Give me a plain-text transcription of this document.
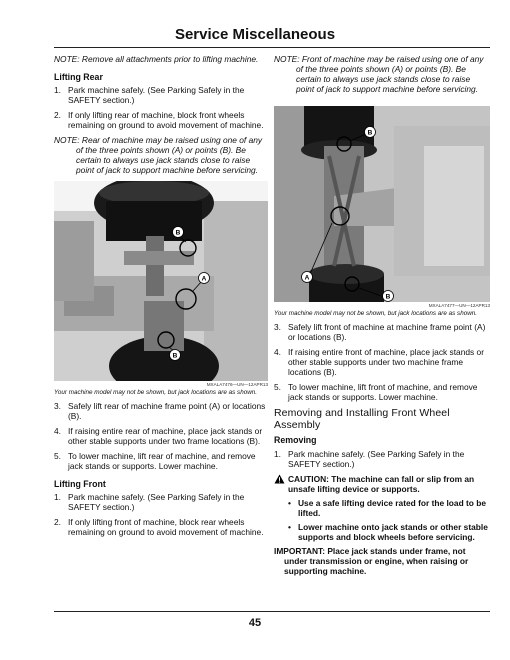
Service Miscellaneous

NOTE: Remove all attachments prior to lifting machine.

Lifting Rear

1. Park machine safely. (See Parking Safely in the SAFETY section.)
2. If only lifting rear of machine, block front wheels remaining on ground to avoid movement of machine.

NOTE: Rear of machine may be raised using one of any of the three points shown (A) or points (B). Be certain to always use jack stands close to raise point of jack to support machine before servicing.

B
A
B
MXALA7476—UN—12APR13

Your machine model may not be shown, but jack locations are as shown.

3. Safely lift rear of machine frame point (A) or locations (B).
4. If raising entire rear of machine, place jack stands or other stable supports under two frame locations (B).
5. To lower machine, lift rear of machine, and remove jack stands or supports. Lower machine.

Lifting Front

1. Park machine safely. (See Parking Safely in the SAFETY section.)
2. If only lifting front of machine, block rear wheels remaining on ground to avoid movement of machine.

NOTE: Front of machine may be raised using one of any of the three points shown (A) or points (B). Be certain to always use jack stands close to raise point of jack to support machine before servicing.

B
A
B
MXALA7477—UN—12APR13

Your machine model may not be shown, but jack locations are as shown.

3. Safely lift front of machine at machine frame point (A) or locations (B).
4. If raising entire front of machine, place jack stands or other stable supports under two machine frame locations (B).
5. To lower machine, lift front of machine, and remove jack stands or supports. Lower machine.

Removing and Installing Front Wheel Assembly

Removing

1. Park machine safely. (See Parking Safely in the SAFETY section.)
CAUTION: The machine can fall or slip from an unsafe lifting device or supports.
• Use a safe lifting device rated for the load to be lifted.
• Lower machine onto jack stands or other stable supports and block wheels before servicing.

IMPORTANT: Place jack stands under frame, not under transmission or engine, when raising or supporting machine.

45
